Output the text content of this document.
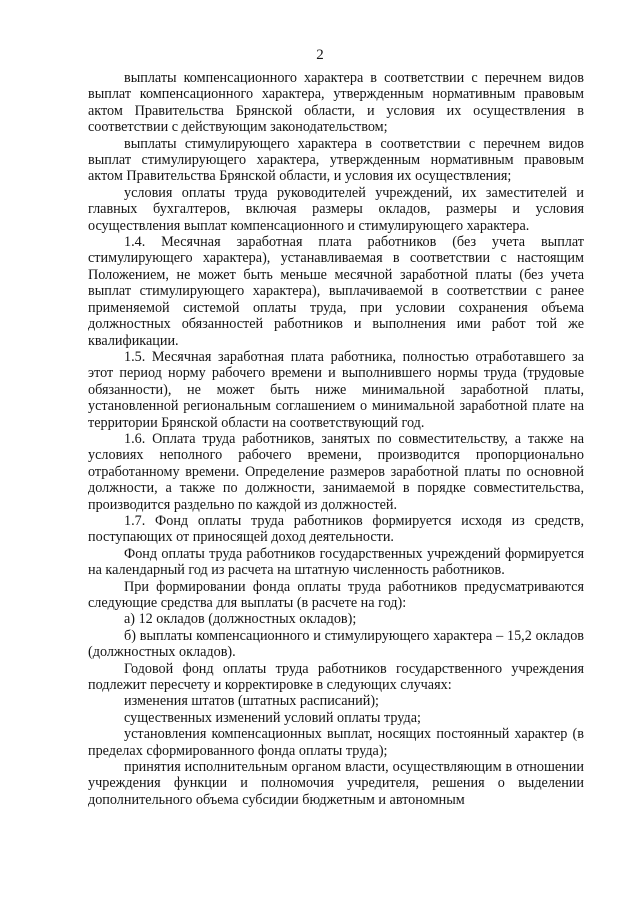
2

выплаты компенсационного характера в соответствии с перечнем видов выплат компенсационного характера, утвержденным нормативным правовым актом Правительства Брянской области, и условия их осуществления в соответствии с действующим законодательством;

выплаты стимулирующего характера в соответствии с перечнем видов выплат стимулирующего характера, утвержденным нормативным правовым актом Правительства Брянской области, и условия их осуществления;

условия оплаты труда руководителей учреждений, их заместителей и главных бухгалтеров, включая размеры окладов, размеры и условия осуществления выплат компенсационного и стимулирующего характера.

1.4. Месячная заработная плата работников (без учета выплат стимулирующего характера), устанавливаемая в соответствии с настоящим Положением, не может быть меньше месячной заработной платы (без учета выплат стимулирующего характера), выплачиваемой в соответствии с ранее применяемой системой оплаты труда, при условии сохранения объема должностных обязанностей работников и выполнения ими работ той же квалификации.

1.5. Месячная заработная плата работника, полностью отработавшего за этот период норму рабочего времени и выполнившего нормы труда (трудовые обязанности), не может быть ниже минимальной заработной платы, установленной региональным соглашением о минимальной заработной плате на территории Брянской области на соответствующий год.

1.6. Оплата труда работников, занятых по совместительству, а также на условиях неполного рабочего времени, производится пропорционально отработанному времени. Определение размеров заработной платы по основной должности, а также по должности, занимаемой в порядке совместительства, производится раздельно по каждой из должностей.

1.7. Фонд оплаты труда работников формируется исходя из средств, поступающих от приносящей доход деятельности.

Фонд оплаты труда работников государственных учреждений формируется на календарный год из расчета на штатную численность работников.

При формировании фонда оплаты труда работников предусматриваются следующие средства для выплаты (в расчете на год):

а) 12 окладов (должностных окладов);

б) выплаты компенсационного и стимулирующего характера – 15,2 окладов (должностных окладов).

Годовой фонд оплаты труда работников государственного учреждения подлежит пересчету и корректировке в следующих случаях:

изменения штатов (штатных расписаний);

существенных изменений условий оплаты труда;

установления компенсационных выплат, носящих постоянный характер (в пределах сформированного фонда оплаты труда);

принятия исполнительным органом власти, осуществляющим в отношении учреждения функции и полномочия учредителя, решения о выделении дополнительного объема субсидии бюджетным и автономным
